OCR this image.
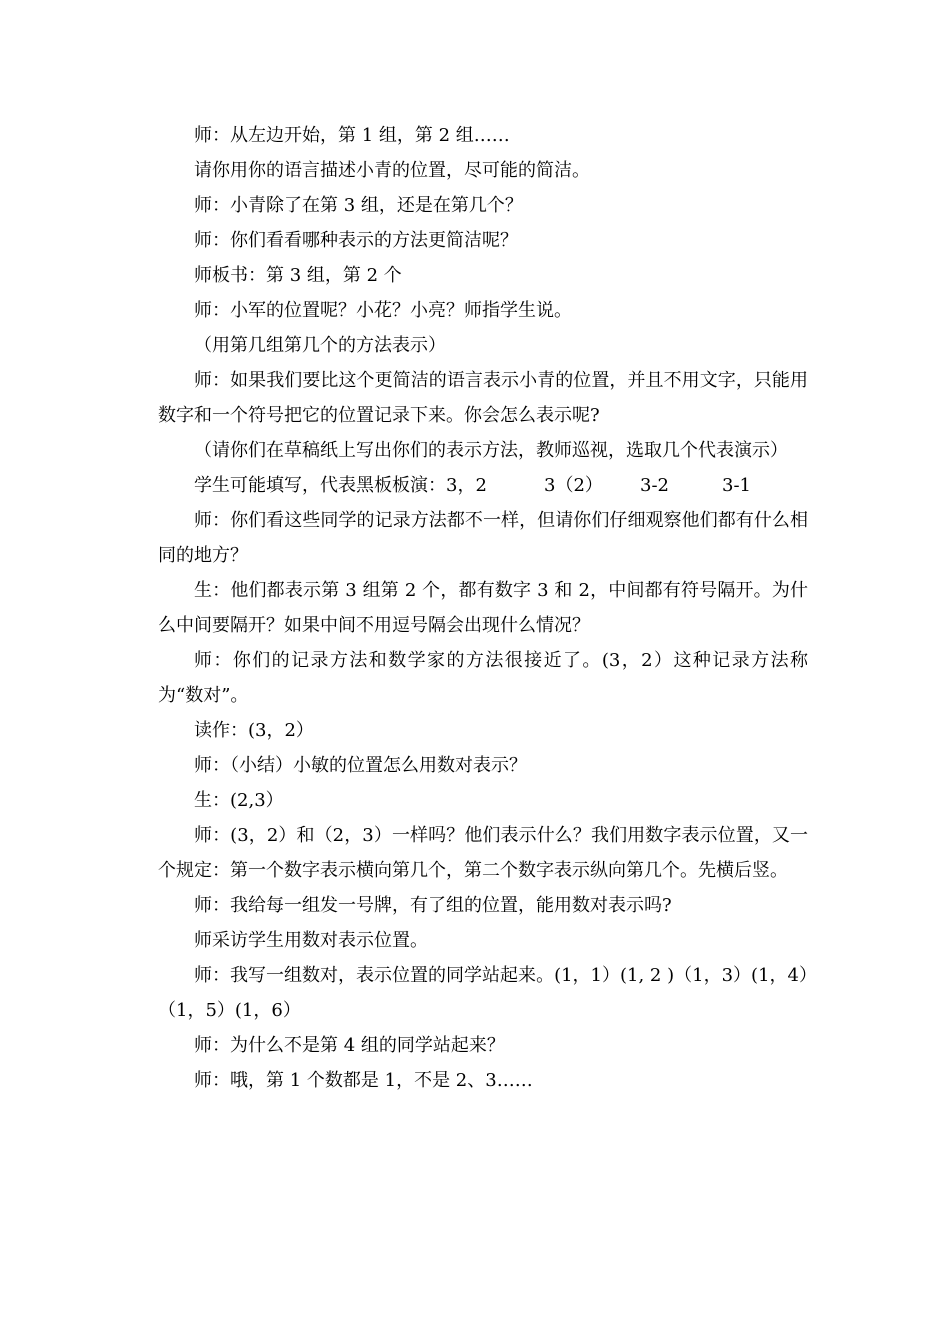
师：从左边开始，第 1 组，第 2 组……

请你用你的语言描述小青的位置，尽可能的简洁。

师：小青除了在第 3 组，还是在第几个？

师：你们看看哪种表示的方法更简洁呢？

师板书：第 3 组，第 2 个

师：小军的位置呢？小花？小亮？师指学生说。

（用第几组第几个的方法表示）

师：如果我们要比这个更简洁的语言表示小青的位置，并且不用文字，只能用数字和一个符号把它的位置记录下来。你会怎么表示呢?

（请你们在草稿纸上写出你们的表示方法，教师巡视，选取几个代表演示）

学生可能填写，代表黑板板演：3，2	3（2）	3-2	3-1

师：你们看这些同学的记录方法都不一样，但请你们仔细观察他们都有什么相同的地方？

生：他们都表示第 3 组第 2 个，都有数字 3 和 2，中间都有符号隔开。为什么中间要隔开？如果中间不用逗号隔会出现什么情况？

师：你们的记录方法和数学家的方法很接近了。(3，2）这种记录方法称为“数对”。

读作：(3，2）

师：（小结）小敏的位置怎么用数对表示？

生：(2,3）

师：(3，2）和（2，3）一样吗？他们表示什么？我们用数字表示位置，又一个规定：第一个数字表示横向第几个，第二个数字表示纵向第几个。先横后竖。

师：我给每一组发一号牌，有了组的位置，能用数对表示吗?

师采访学生用数对表示位置。

师：我写一组数对，表示位置的同学站起来。(1，1）(1, 2 )（1，3）(1，4）（1，5）(1，6）

师：为什么不是第 4 组的同学站起来？

师：哦，第 1 个数都是 1，不是 2、3……
